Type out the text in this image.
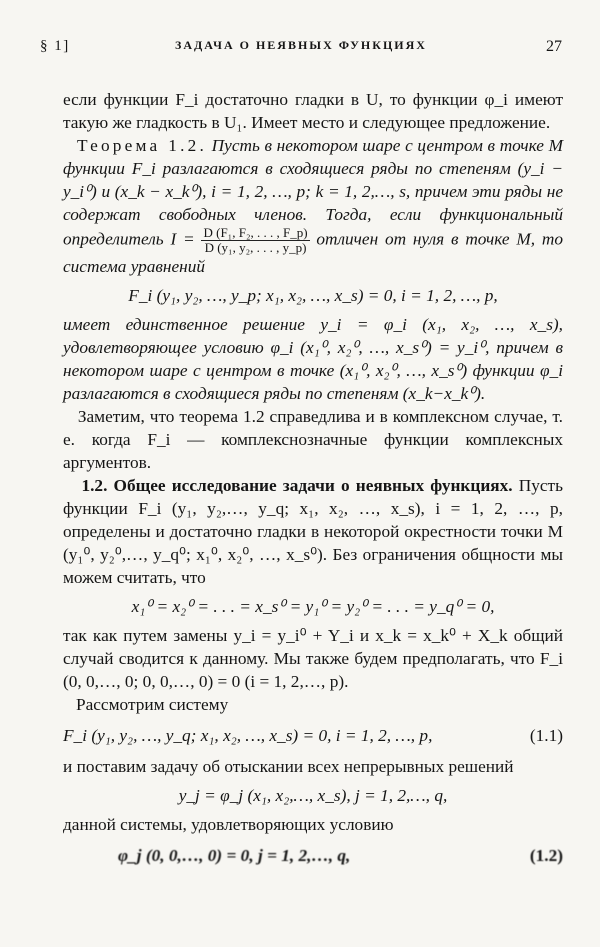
§ 1]	ЗАДАЧА О НЕЯВНЫХ ФУНКЦИЯХ	27

если функции F_i достаточно гладки в U, то функции φ_i имеют такую же гладкость в U₁. Имеет место и следующее предложение.

Теорема 1.2. Пусть в некотором шаре с центром в точке M функции F_i разлагаются в сходящиеся ряды по степеням (y_i − y_i⁰) и (x_k − x_k⁰), i = 1, 2, …, p; k = 1, 2,…, s, причем эти ряды не содержат свободных членов. Тогда, если функциональный определитель $I = \frac{\text{D (F₁, F₂, . . . , F\_p)}}{\text{D (y₁, y₂, . . . , y\_p)}}$ отличен от нуля в точке M, то система уравнений

F_i (y₁, y₂, …, y_p; x₁, x₂, …, x_s) = 0, i = 1, 2, …, p,

имеет единственное решение y_i = φ_i (x₁, x₂, …, x_s), удовлетворяющее условию φ_i (x₁⁰, x₂⁰, …, x_s⁰) = y_i⁰, причем в некотором шаре с центром в точке (x₁⁰, x₂⁰, …, x_s⁰) функции φ_i разлагаются в сходящиеся ряды по степеням (x_k−x_k⁰).

Заметим, что теорема 1.2 справедлива и в комплексном случае, т. е. когда F_i — комплекснозначные функции комплексных аргументов.

1.2. Общее исследование задачи о неявных функциях. Пусть функции F_i (y₁, y₂,…, y_q; x₁, x₂, …, x_s), i = 1, 2, …, p, определены и достаточно гладки в некоторой окрестности точки M (y₁⁰, y₂⁰,…, y_q⁰; x₁⁰, x₂⁰, …, x_s⁰). Без ограничения общности мы можем считать, что

x₁⁰ = x₂⁰ = . . . = x_s⁰ = y₁⁰ = y₂⁰ = . . . = y_q⁰ = 0,

так как путем замены y_i = y_i⁰ + Y_i и x_k = x_k⁰ + X_k общий случай сводится к данному. Мы также будем предполагать, что F_i (0, 0,…, 0; 0, 0,…, 0) = 0 (i = 1, 2,…, p).

Рассмотрим систему

F_i (y₁, y₂, …, y_q; x₁, x₂, …, x_s) = 0, i = 1, 2, …, p,	(1.1)

и поставим задачу об отыскании всех непрерывных решений

y_j = φ_j (x₁, x₂,…, x_s), j = 1, 2,…, q,

данной системы, удовлетворяющих условию

φ_j (0, 0,…, 0) = 0, j = 1, 2,…, q,	(1.2)
